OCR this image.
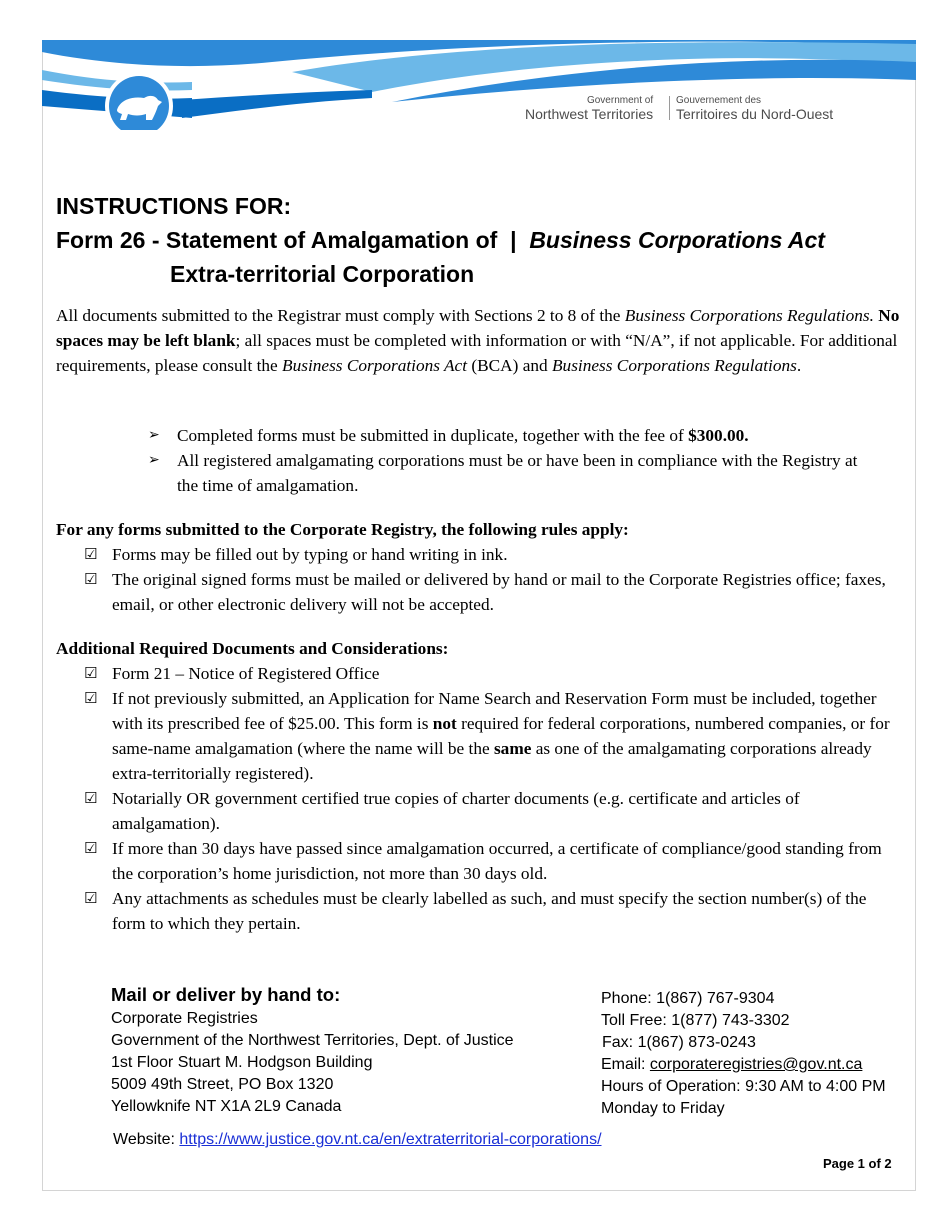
Government of
Northwest Territories
Gouvernement des
Territoires du Nord-Ouest
INSTRUCTIONS FOR:
Form 26 - Statement of Amalgamation of | Business Corporations Act
Extra-territorial Corporation
All documents submitted to the Registrar must comply with Sections 2 to 8 of the Business Corporations Regulations. No spaces may be left blank; all spaces must be completed with information or with “N/A”, if not applicable. For additional requirements, please consult the Business Corporations Act (BCA) and Business Corporations Regulations.
➢ Completed forms must be submitted in duplicate, together with the fee of $300.00.
➢ All registered amalgamating corporations must be or have been in compliance with the Registry at the time of amalgamation.
For any forms submitted to the Corporate Registry, the following rules apply:
☑ Forms may be filled out by typing or hand writing in ink.
☑ The original signed forms must be mailed or delivered by hand or mail to the Corporate Registries office; faxes, email, or other electronic delivery will not be accepted.
Additional Required Documents and Considerations:
☑ Form 21 – Notice of Registered Office
☑ If not previously submitted, an Application for Name Search and Reservation Form must be included, together with its prescribed fee of $25.00. This form is not required for federal corporations, numbered companies, or for same-name amalgamation (where the name will be the same as one of the amalgamating corporations already extra-territorially registered).
☑ Notarially OR government certified true copies of charter documents (e.g. certificate and articles of amalgamation).
☑ If more than 30 days have passed since amalgamation occurred, a certificate of compliance/good standing from the corporation’s home jurisdiction, not more than 30 days old.
☑ Any attachments as schedules must be clearly labelled as such, and must specify the section number(s) of the form to which they pertain.
Mail or deliver by hand to:
Corporate Registries
Government of the Northwest Territories, Dept. of Justice
1st Floor Stuart M. Hodgson Building
5009 49th Street, PO Box 1320
Yellowknife NT X1A 2L9 Canada
Phone: 1(867) 767-9304
Toll Free: 1(877) 743-3302
Fax: 1(867) 873-0243
Email: corporateregistries@gov.nt.ca
Hours of Operation: 9:30 AM to 4:00 PM
Monday to Friday
Website: https://www.justice.gov.nt.ca/en/extraterritorial-corporations/
Page 1 of 2
